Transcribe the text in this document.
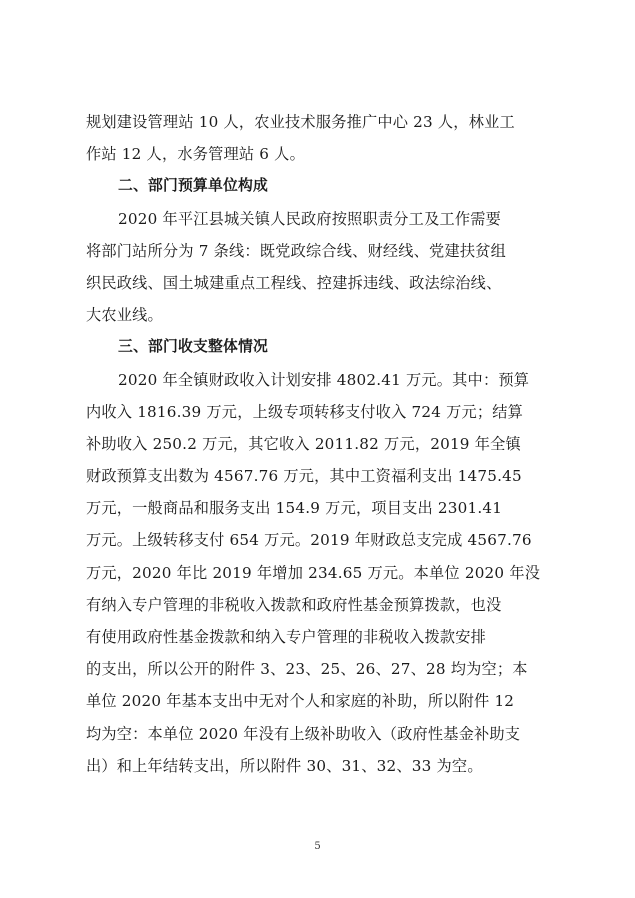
规划建设管理站 10 人，农业技术服务推广中心 23 人，林业工
作站 12 人，水务管理站 6 人。
二、部门预算单位构成
2020 年平江县城关镇人民政府按照职责分工及工作需要
将部门站所分为 7 条线：既党政综合线、财经线、党建扶贫组
织民政线、国土城建重点工程线、控建拆违线、政法综治线、
大农业线。
三、部门收支整体情况
2020 年全镇财政收入计划安排 4802.41 万元。其中：预算
内收入 1816.39 万元，上级专项转移支付收入 724 万元；结算
补助收入 250.2 万元，其它收入 2011.82 万元，2019 年全镇
财政预算支出数为 4567.76 万元，其中工资福利支出 1475.45
万元，一般商品和服务支出 154.9 万元，项目支出 2301.41
万元。上级转移支付 654 万元。2019 年财政总支完成 4567.76
万元，2020 年比 2019 年增加 234.65 万元。本单位 2020 年没
有纳入专户管理的非税收入拨款和政府性基金预算拨款，也没
有使用政府性基金拨款和纳入专户管理的非税收入拨款安排
的支出，所以公开的附件 3、23、25、26、27、28 均为空；本
单位 2020 年基本支出中无对个人和家庭的补助，所以附件 12
均为空：本单位 2020 年没有上级补助收入（政府性基金补助支
出）和上年结转支出，所以附件 30、31、32、33 为空。
5
